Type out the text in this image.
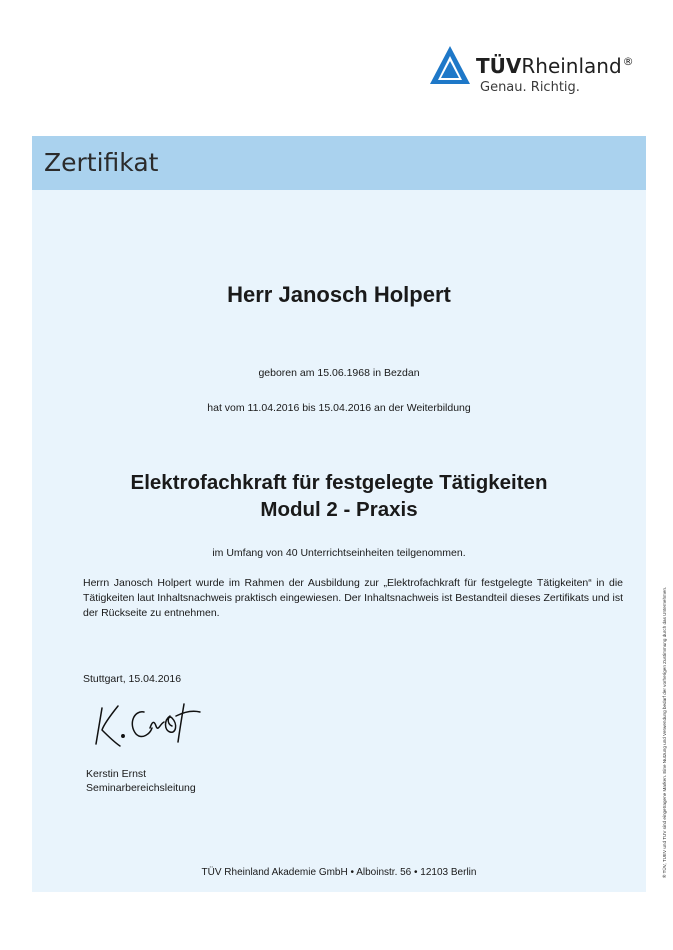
TÜVRheinland®
Genau. Richtig.
Zertifikat
Herr Janosch Holpert
geboren am 15.06.1968 in Bezdan
hat vom 11.04.2016 bis 15.04.2016 an der Weiterbildung
Elektrofachkraft für festgelegte Tätigkeiten
Modul 2 - Praxis
im Umfang von 40 Unterrichtseinheiten teilgenommen.
Herrn Janosch Holpert wurde im Rahmen der Ausbildung zur „Elektrofachkraft für festgelegte Tätigkeiten“ in die Tätigkeiten laut Inhaltsnachweis praktisch eingewiesen. Der Inhaltsnachweis ist Bestandteil dieses Zertifikats und ist der Rückseite zu entnehmen.
Stuttgart, 15.04.2016
Kerstin Ernst
Seminarbereichsleitung
TÜV Rheinland Akademie GmbH • Alboinstr. 56 • 12103 Berlin	® TÜV, TUEV und TUV sind eingetragene Marken. Eine Nutzung und Verwendung bedarf der vorherigen Zustimmung durch das Unternehmen.
